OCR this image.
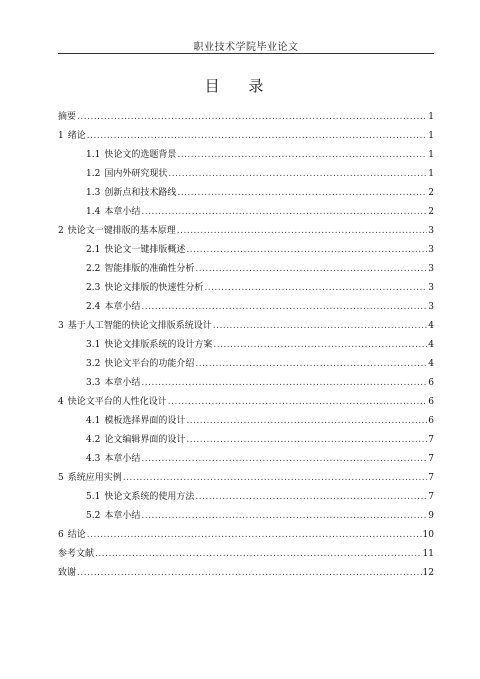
职业技术学院毕业论文
目 录
摘要 .....	1
1 绪论 .....	1
1.1 快论文的选题背景 .....	1
1.2 国内外研究现状 .....	1
1.3 创新点和技术路线 .....	2
1.4 本章小结 .....	2
2 快论文一键排版的基本原理 .....	3
2.1 快论文一键排版概述 .....	3
2.2 智能排版的准确性分析 .....	3
2.3 快论文排版的快速性分析 .....	3
2.4 本章小结 .....	3
3 基于人工智能的快论文排版系统设计 .....	4
3.1 快论文排版系统的设计方案 .....	4
3.2 快论文平台的功能介绍 .....	4
3.3 本章小结 .....	6
4 快论文平台的人性化设计 .....	6
4.1 模板选择界面的设计 .....	6
4.2 论文编辑界面的设计 .....	7
4.3 本章小结 .....	7
5 系统应用实例 .....	7
5.1 快论文系统的使用方法 .....	7
5.2 本章小结 .....	9
6 结论 .....	10
参考文献 .....	11
致谢 .....	12
